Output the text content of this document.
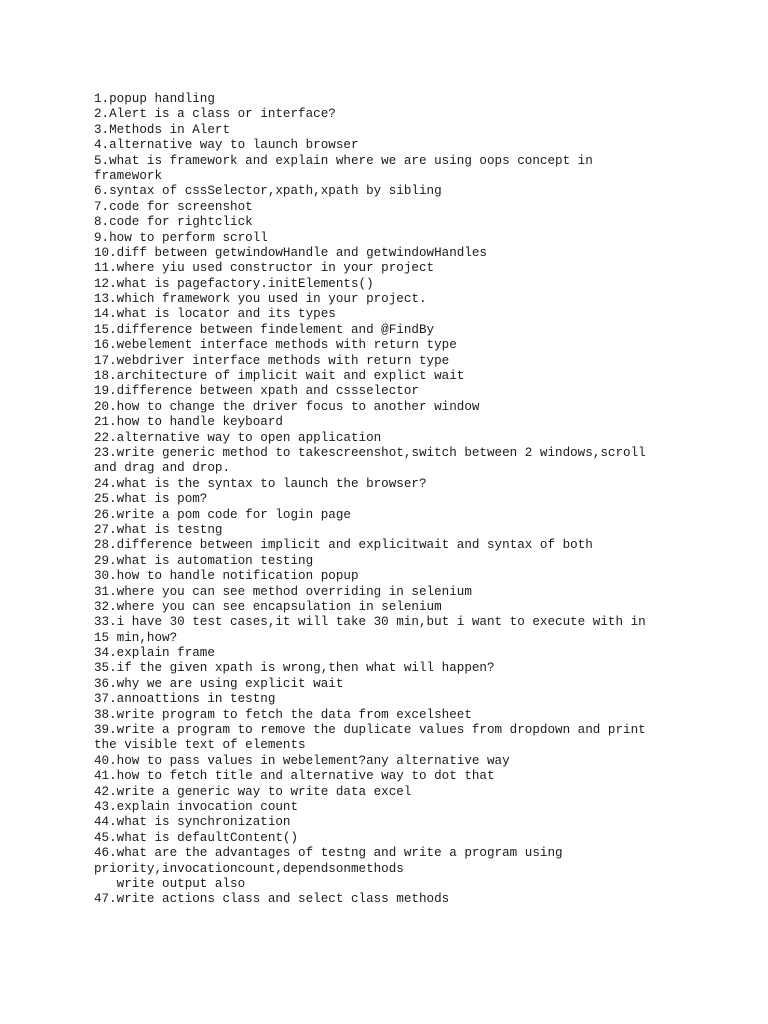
1.popup handling
2.Alert is a class or interface?
3.Methods in Alert
4.alternative way to launch browser
5.what is framework and explain where we are using oops concept in
framework
6.syntax of cssSelector,xpath,xpath by sibling
7.code for screenshot
8.code for rightclick
9.how to perform scroll
10.diff between getwindowHandle and getwindowHandles
11.where yiu used constructor in your project
12.what is pagefactory.initElements()
13.which framework you used in your project.
14.what is locator and its types
15.difference between findelement and @FindBy
16.webelement interface methods with return type
17.webdriver interface methods with return type
18.architecture of implicit wait and explict wait
19.difference between xpath and cssselector
20.how to change the driver focus to another window
21.how to handle keyboard
22.alternative way to open application
23.write generic method to takescreenshot,switch between 2 windows,scroll
and drag and drop.
24.what is the syntax to launch the browser?
25.what is pom?
26.write a pom code for login page
27.what is testng
28.difference between implicit and explicitwait and syntax of both
29.what is automation testing
30.how to handle notification popup
31.where you can see method overriding in selenium
32.where you can see encapsulation in selenium
33.i have 30 test cases,it will take 30 min,but i want to execute with in
15 min,how?
34.explain frame
35.if the given xpath is wrong,then what will happen?
36.why we are using explicit wait
37.annoattions in testng
38.write program to fetch the data from excelsheet
39.write a program to remove the duplicate values from dropdown and print
the visible text of elements
40.how to pass values in webelement?any alternative way
41.how to fetch title and alternative way to dot that
42.write a generic way to write data excel
43.explain invocation count
44.what is synchronization
45.what is defaultContent()
46.what are the advantages of testng and write a program using
priority,invocationcount,dependsonmethods
write output also
47.write actions class and select class methods
